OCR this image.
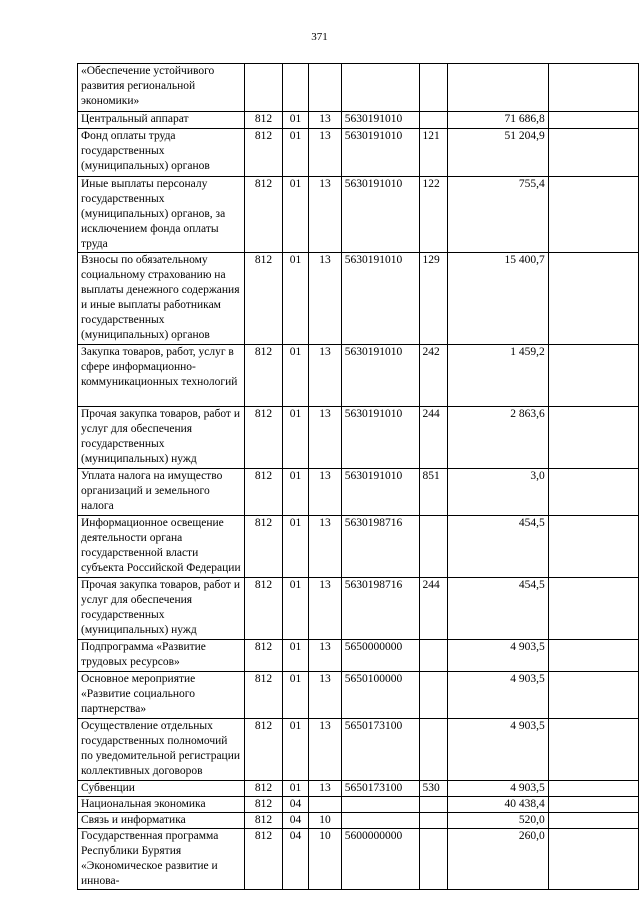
371
«Обеспечение устойчивого развития региональной экономики»							
Центральный аппарат	812	01	13	5630191010		71 686,8	
Фонд оплаты труда государственных (муниципальных) органов	812	01	13	5630191010	121	51 204,9	
Иные выплаты персоналу государственных (муниципальных) органов, за исключением фонда оплаты труда	812	01	13	5630191010	122	755,4	
Взносы по обязательному социальному страхованию на выплаты денежного содержания и иные выплаты работникам государственных (муниципальных) органов	812	01	13	5630191010	129	15 400,7	
Закупка товаров, работ, услуг в сфере информационно-коммуникационных технологий	812	01	13	5630191010	242	1 459,2	
Прочая закупка товаров, работ и услуг для обеспечения государственных (муниципальных) нужд	812	01	13	5630191010	244	2 863,6	
Уплата налога на имущество организаций и земельного налога	812	01	13	5630191010	851	3,0	
Информационное освещение деятельности органа государственной власти субъекта Российской Федерации	812	01	13	5630198716		454,5	
Прочая закупка товаров, работ и услуг для обеспечения государственных (муниципальных) нужд	812	01	13	5630198716	244	454,5	
Подпрограмма «Развитие трудовых ресурсов»	812	01	13	5650000000		4 903,5	
Основное мероприятие «Развитие социального партнерства»	812	01	13	5650100000		4 903,5	
Осуществление отдельных государственных полномочий по уведомительной регистрации коллективных договоров	812	01	13	5650173100		4 903,5	
Субвенции	812	01	13	5650173100	530	4 903,5	
Национальная экономика	812	04				40 438,4	
Связь и информатика	812	04	10			520,0	
Государственная программа Республики Бурятия «Экономическое развитие и иннова-	812	04	10	5600000000		260,0	
